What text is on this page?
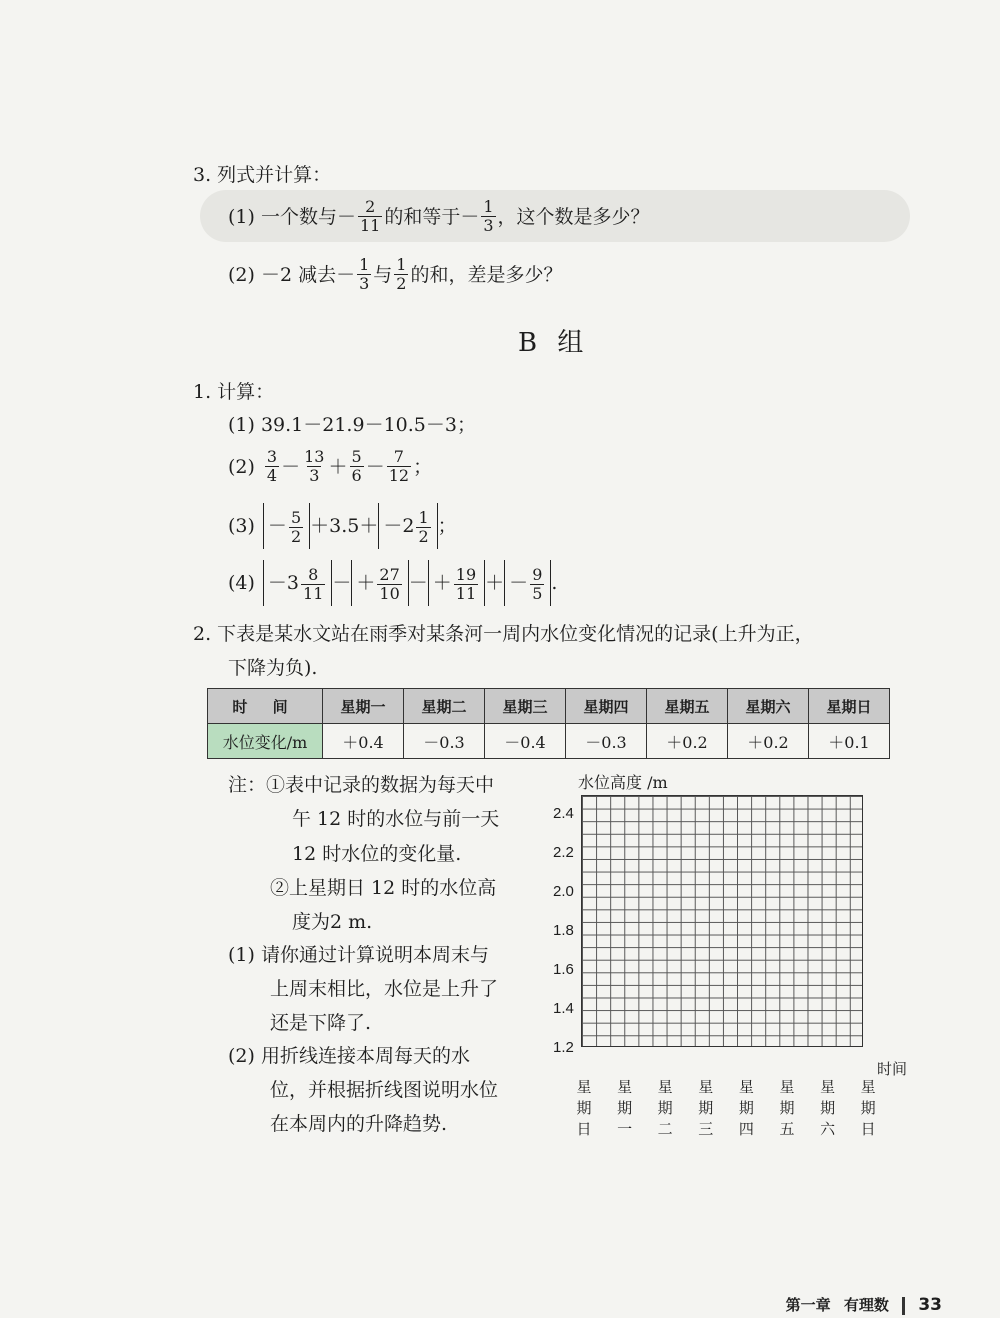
3. 列式并计算：
(1) 一个数与 － $\frac{2}{11}$ 的和等于－ $\frac{1}{3}$ ，这个数是多少？
(2) －2 减去－ $\frac{1}{3}$ 与 $\frac{1}{2}$ 的和，差是多少？
B 组
1. 计算：
(1) 39.1－21.9－10.5－3；
$(2) \frac{3}{4} - \frac{13}{3} + \frac{5}{6} - \frac{7}{12}$ ；
$(3) - \frac{5}{2} +3.5+ -2 \frac{1}{2}$ ；
$(4) -3 \frac{8}{11}$ － ＋ $\frac{27}{10}$ － ＋ $\frac{19}{11}$ ＋ － $\frac{9}{5}$ .
2. 下表是某水文站在雨季对某条河一周内水位变化情况的记录(上升为正，
下降为负).
时 间	星期一	星期二	星期三	星期四	星期五	星期六	星期日
水位变化/m	＋0.4	－0.3	－0.4	－0.3	＋0.2	＋0.2	＋0.1
注：①表中记录的数据为每天中
午 12 时的水位与前一天
12 时水位的变化量.
②上星期日 12 时的水位高
度为2 m.
(1) 请你通过计算说明本周末与
上周末相比，水位是上升了
还是下降了.
(2) 用折线连接本周每天的水
位，并根据折线图说明水位
在本周内的升降趋势.
水位高度 /m
2.4
2.2
2.0
1.8
1.6
1.4
1.2
时间
星期日
星期一
星期二
星期三
星期四
星期五
星期六
星期日
第一章 有理数 33
